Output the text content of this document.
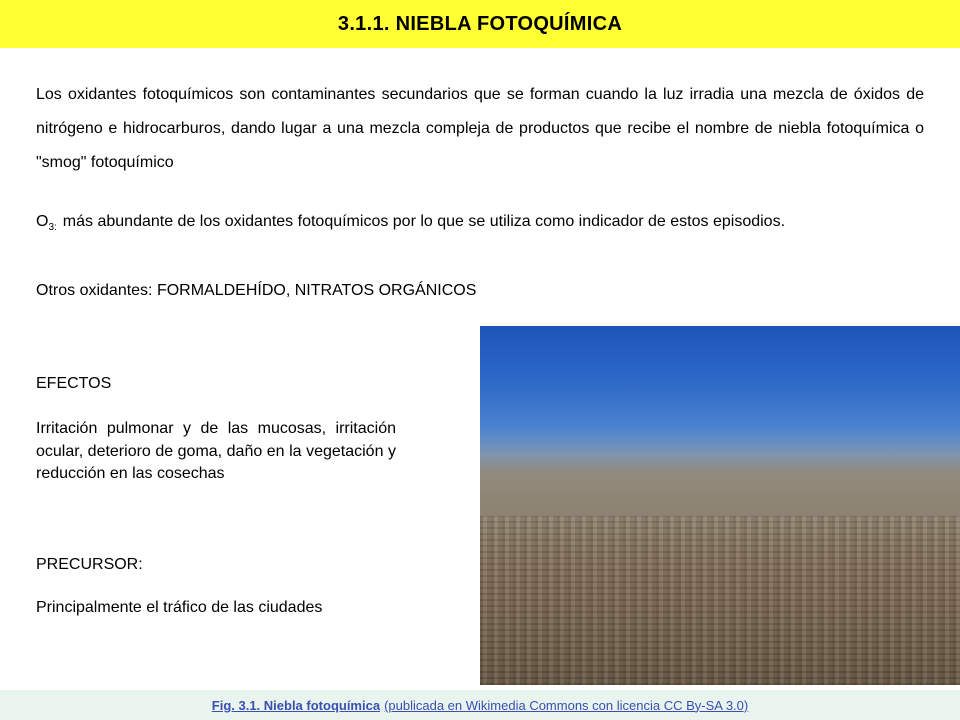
3.1.1. NIEBLA FOTOQUÍMICA

Los oxidantes fotoquímicos son contaminantes secundarios que se forman cuando la luz irradia una mezcla de óxidos de nitrógeno e hidrocarburos, dando lugar a una mezcla compleja de productos que recibe el nombre de niebla fotoquímica o "smog" fotoquímico

$O_{3:}$ más abundante de los oxidantes fotoquímicos por lo que se utiliza como indicador de estos episodios.

Otros oxidantes: FORMALDEHÍDO, NITRATOS ORGÁNICOS

EFECTOS

Irritación pulmonar y de las mucosas, irritación ocular, deterioro de goma, daño en la vegetación y reducción en las cosechas

PRECURSOR:

Principalmente el tráfico de las ciudades

Fig. 3.1. Niebla fotoquímica (publicada en Wikimedia Commons con licencia CC By-SA 3.0)
